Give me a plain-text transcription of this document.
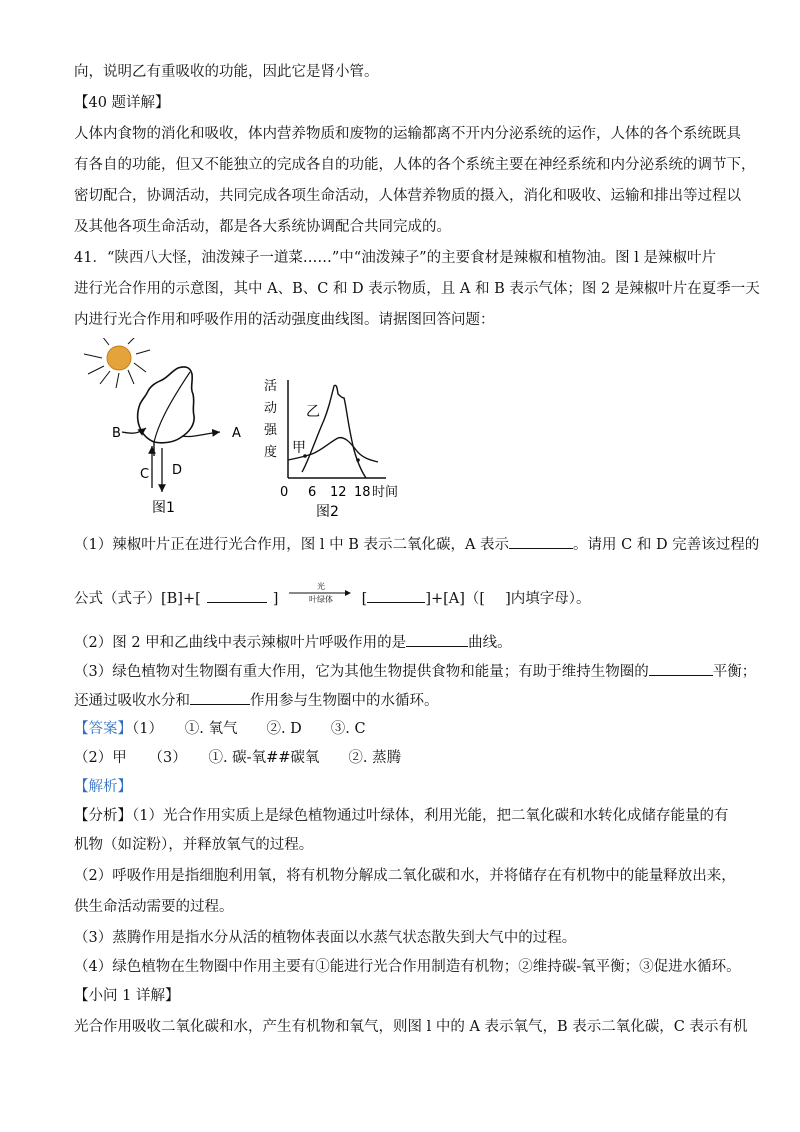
向，说明乙有重吸收的功能，因此它是肾小管。
【40 题详解】
人体内食物的消化和吸收，体内营养物质和废物的运输都离不开内分泌系统的运作，人体的各个系统既具
有各自的功能，但又不能独立的完成各自的功能，人体的各个系统主要在神经系统和内分泌系统的调节下，
密切配合，协调活动，共同完成各项生命活动，人体营养物质的摄入，消化和吸收、运输和排出等过程以
及其他各项生命活动，都是各大系统协调配合共同完成的。
41．“陕西八大怪，油泼辣子一道菜……”中“油泼辣子”的主要食材是辣椒和植物油。图 l 是辣椒叶片
进行光合作用的示意图，其中 A、B、C 和 D 表示物质，且 A 和 B 表示气体；图 2 是辣椒叶片在夏季一天
内进行光合作用和呼吸作用的活动强度曲线图。请据图回答问题：
B	A
C D
图1
活
动
强
度 甲
乙
0 6 12 18 时间
图2
（1）辣椒叶片正在进行光合作用，图 l 中 B 表示二氧化碳，A 表示	。请用 C 和 D 完善该过程的
公式（式子）[B]+[	]
光
叶绿体 [	]+[A]（[ ]内填字母）。
（2）图 2 甲和乙曲线中表示辣椒叶片呼吸作用的是	曲线。
（3）绿色植物对生物圈有重大作用，它为其他生物提供食物和能量；有助于维持生物圈的	平衡；
还通过吸收水分和	作用参与生物圈中的水循环。
【答案】（1）　　①. 氧气　　②. D　　③. C
（2）甲　　（3）　　①. 碳-氧##碳氧　　②. 蒸腾
【解析】
【分析】（1）光合作用实质上是绿色植物通过叶绿体，利用光能，把二氧化碳和水转化成储存能量的有
机物（如淀粉），并释放氧气的过程。
（2）呼吸作用是指细胞利用氧，将有机物分解成二氧化碳和水，并将储存在有机物中的能量释放出来，
供生命活动需要的过程。
（3）蒸腾作用是指水分从活的植物体表面以水蒸气状态散失到大气中的过程。
（4）绿色植物在生物圈中作用主要有①能进行光合作用制造有机物；②维持碳-氧平衡；③促进水循环。
【小问 1 详解】
光合作用吸收二氧化碳和水，产生有机物和氧气，则图 l 中的 A 表示氧气，B 表示二氧化碳，C 表示有机
